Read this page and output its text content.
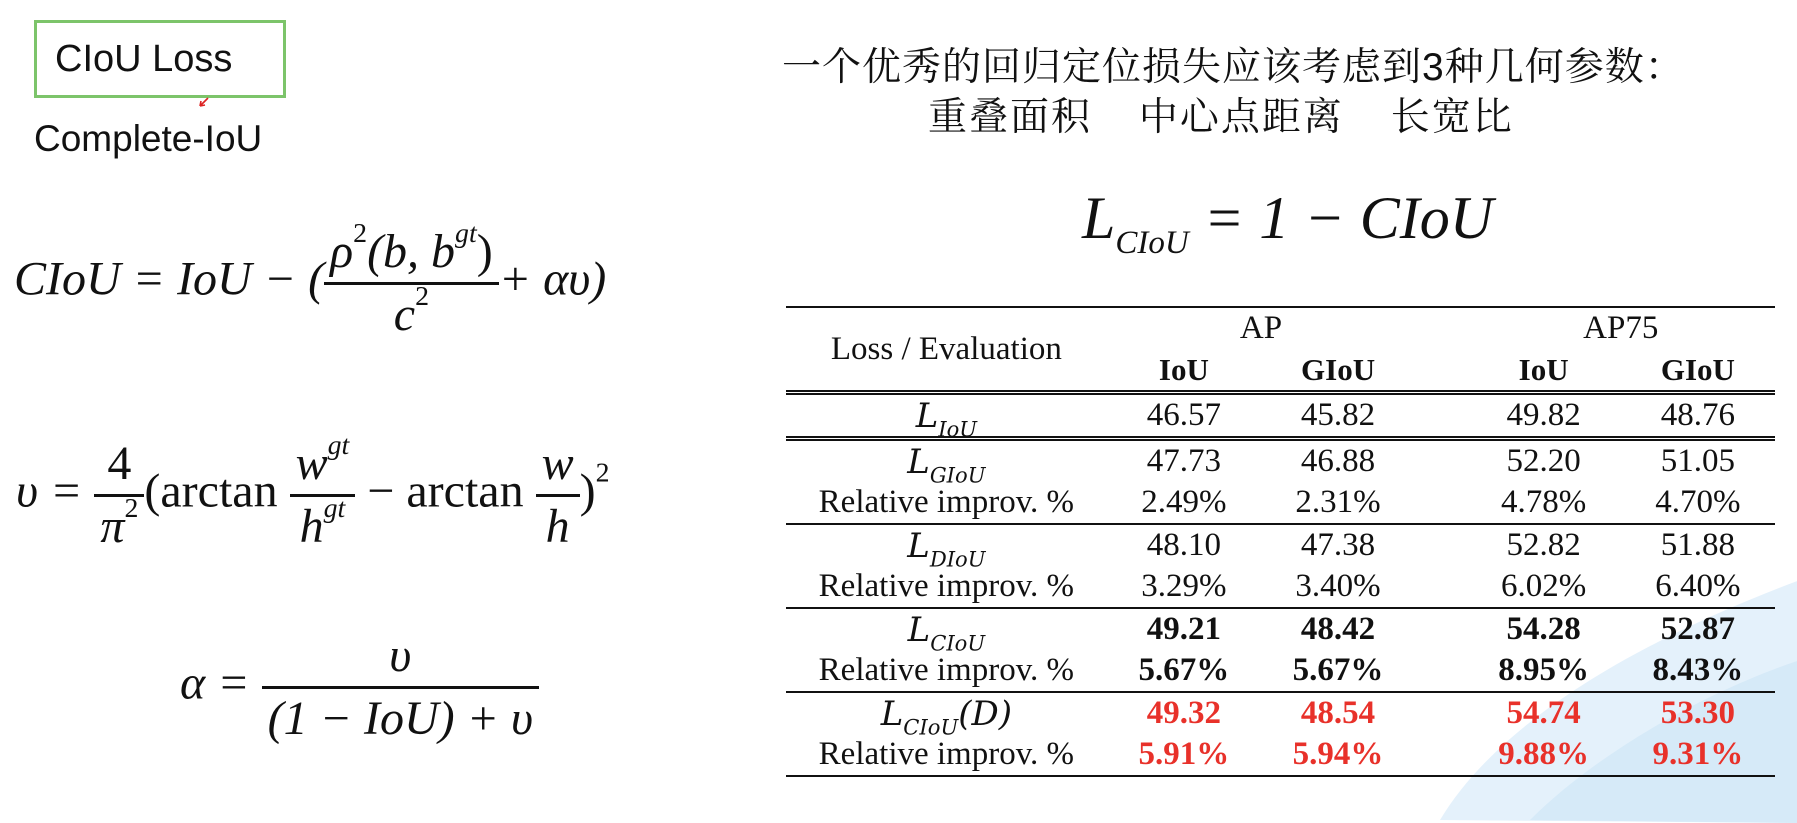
CIoU Loss
Complete-IoU
CIoU = IoU − ( $\frac{\rho^2(b, b^{gt})}{c^2} + \alpha\upsilon$)
$\upsilon = \frac{4}{\pi^2} (\arctan \frac{w^{gt}}{h^{gt}} - \arctan \frac{w}{h} )^2$
$\alpha = \frac{\upsilon}{\text{(1 − IoU) + υ}}$
一个优秀的回归定位损失应该考虑到3种几何参数：
重叠面积 中心点距离 长宽比
$L_{CIoU} = 1$ − CIoU
Loss / Evaluation	AP			AP75	
	IoU	GIoU		IoU	GIoU
$L_{IoU}$	46.57	45.82		49.82	48.76
$L_{GIoU}$	47.73	46.88		52.20	51.05
Relative improv. %	2.49%	2.31%		4.78%	4.70%
$L_{DIoU}$	48.10	47.38		52.82	51.88
Relative improv. %	3.29%	3.40%		6.02%	6.40%
$L_{CIoU}$	49.21	48.42		54.28	52.87
Relative improv. %	5.67%	5.67%		8.95%	8.43%
$L_{CIoU}(D)$	49.32	48.54		54.74	53.30
Relative improv. %	5.91%	5.94%		9.88%	9.31%
